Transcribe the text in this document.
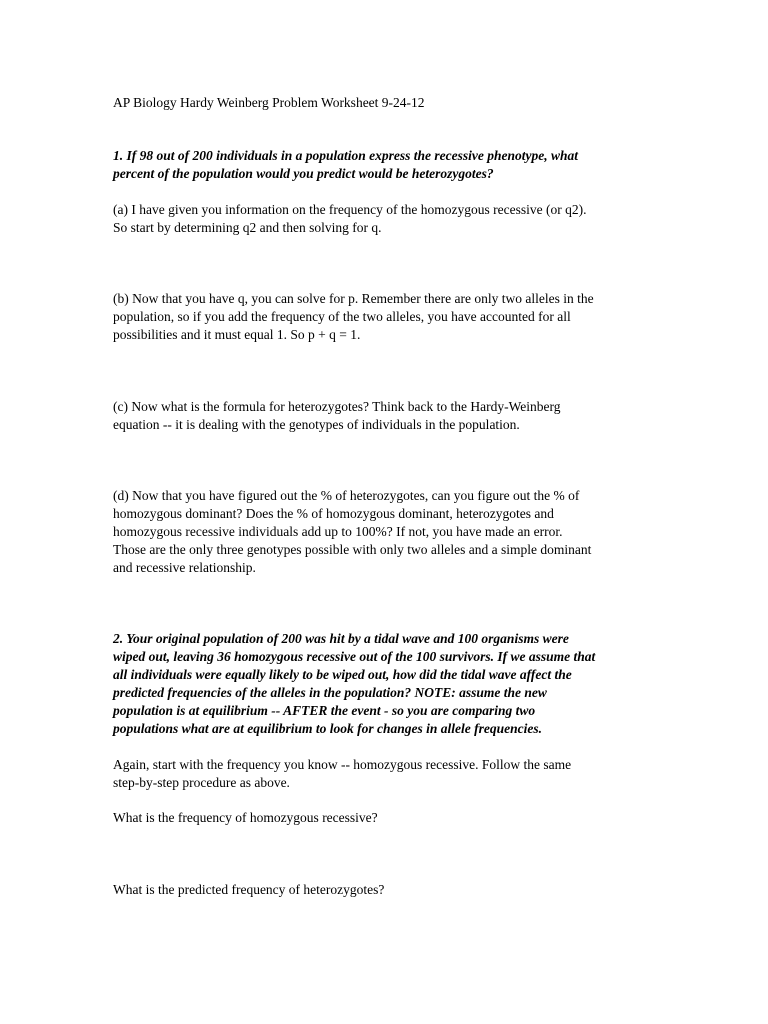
AP Biology Hardy Weinberg Problem Worksheet 9-24-12

1. If 98 out of 200 individuals in a population express the recessive phenotype, what
percent of the population would you predict would be heterozygotes?

(a) I have given you information on the frequency of the homozygous recessive (or q2).
So start by determining q2 and then solving for q.

(b) Now that you have q, you can solve for p. Remember there are only two alleles in the
population, so if you add the frequency of the two alleles, you have accounted for all
possibilities and it must equal 1. So p + q = 1.

(c) Now what is the formula for heterozygotes? Think back to the Hardy-Weinberg
equation -- it is dealing with the genotypes of individuals in the population.

(d) Now that you have figured out the % of heterozygotes, can you figure out the % of
homozygous dominant? Does the % of homozygous dominant, heterozygotes and
homozygous recessive individuals add up to 100%? If not, you have made an error.
Those are the only three genotypes possible with only two alleles and a simple dominant
and recessive relationship.

2. Your original population of 200 was hit by a tidal wave and 100 organisms were
wiped out, leaving 36 homozygous recessive out of the 100 survivors. If we assume that
all individuals were equally likely to be wiped out, how did the tidal wave affect the
predicted frequencies of the alleles in the population? NOTE: assume the new
population is at equilibrium -- AFTER the event - so you are comparing two
populations what are at equilibrium to look for changes in allele frequencies.

Again, start with the frequency you know -- homozygous recessive. Follow the same
step-by-step procedure as above.

What is the frequency of homozygous recessive?

What is the predicted frequency of heterozygotes?
